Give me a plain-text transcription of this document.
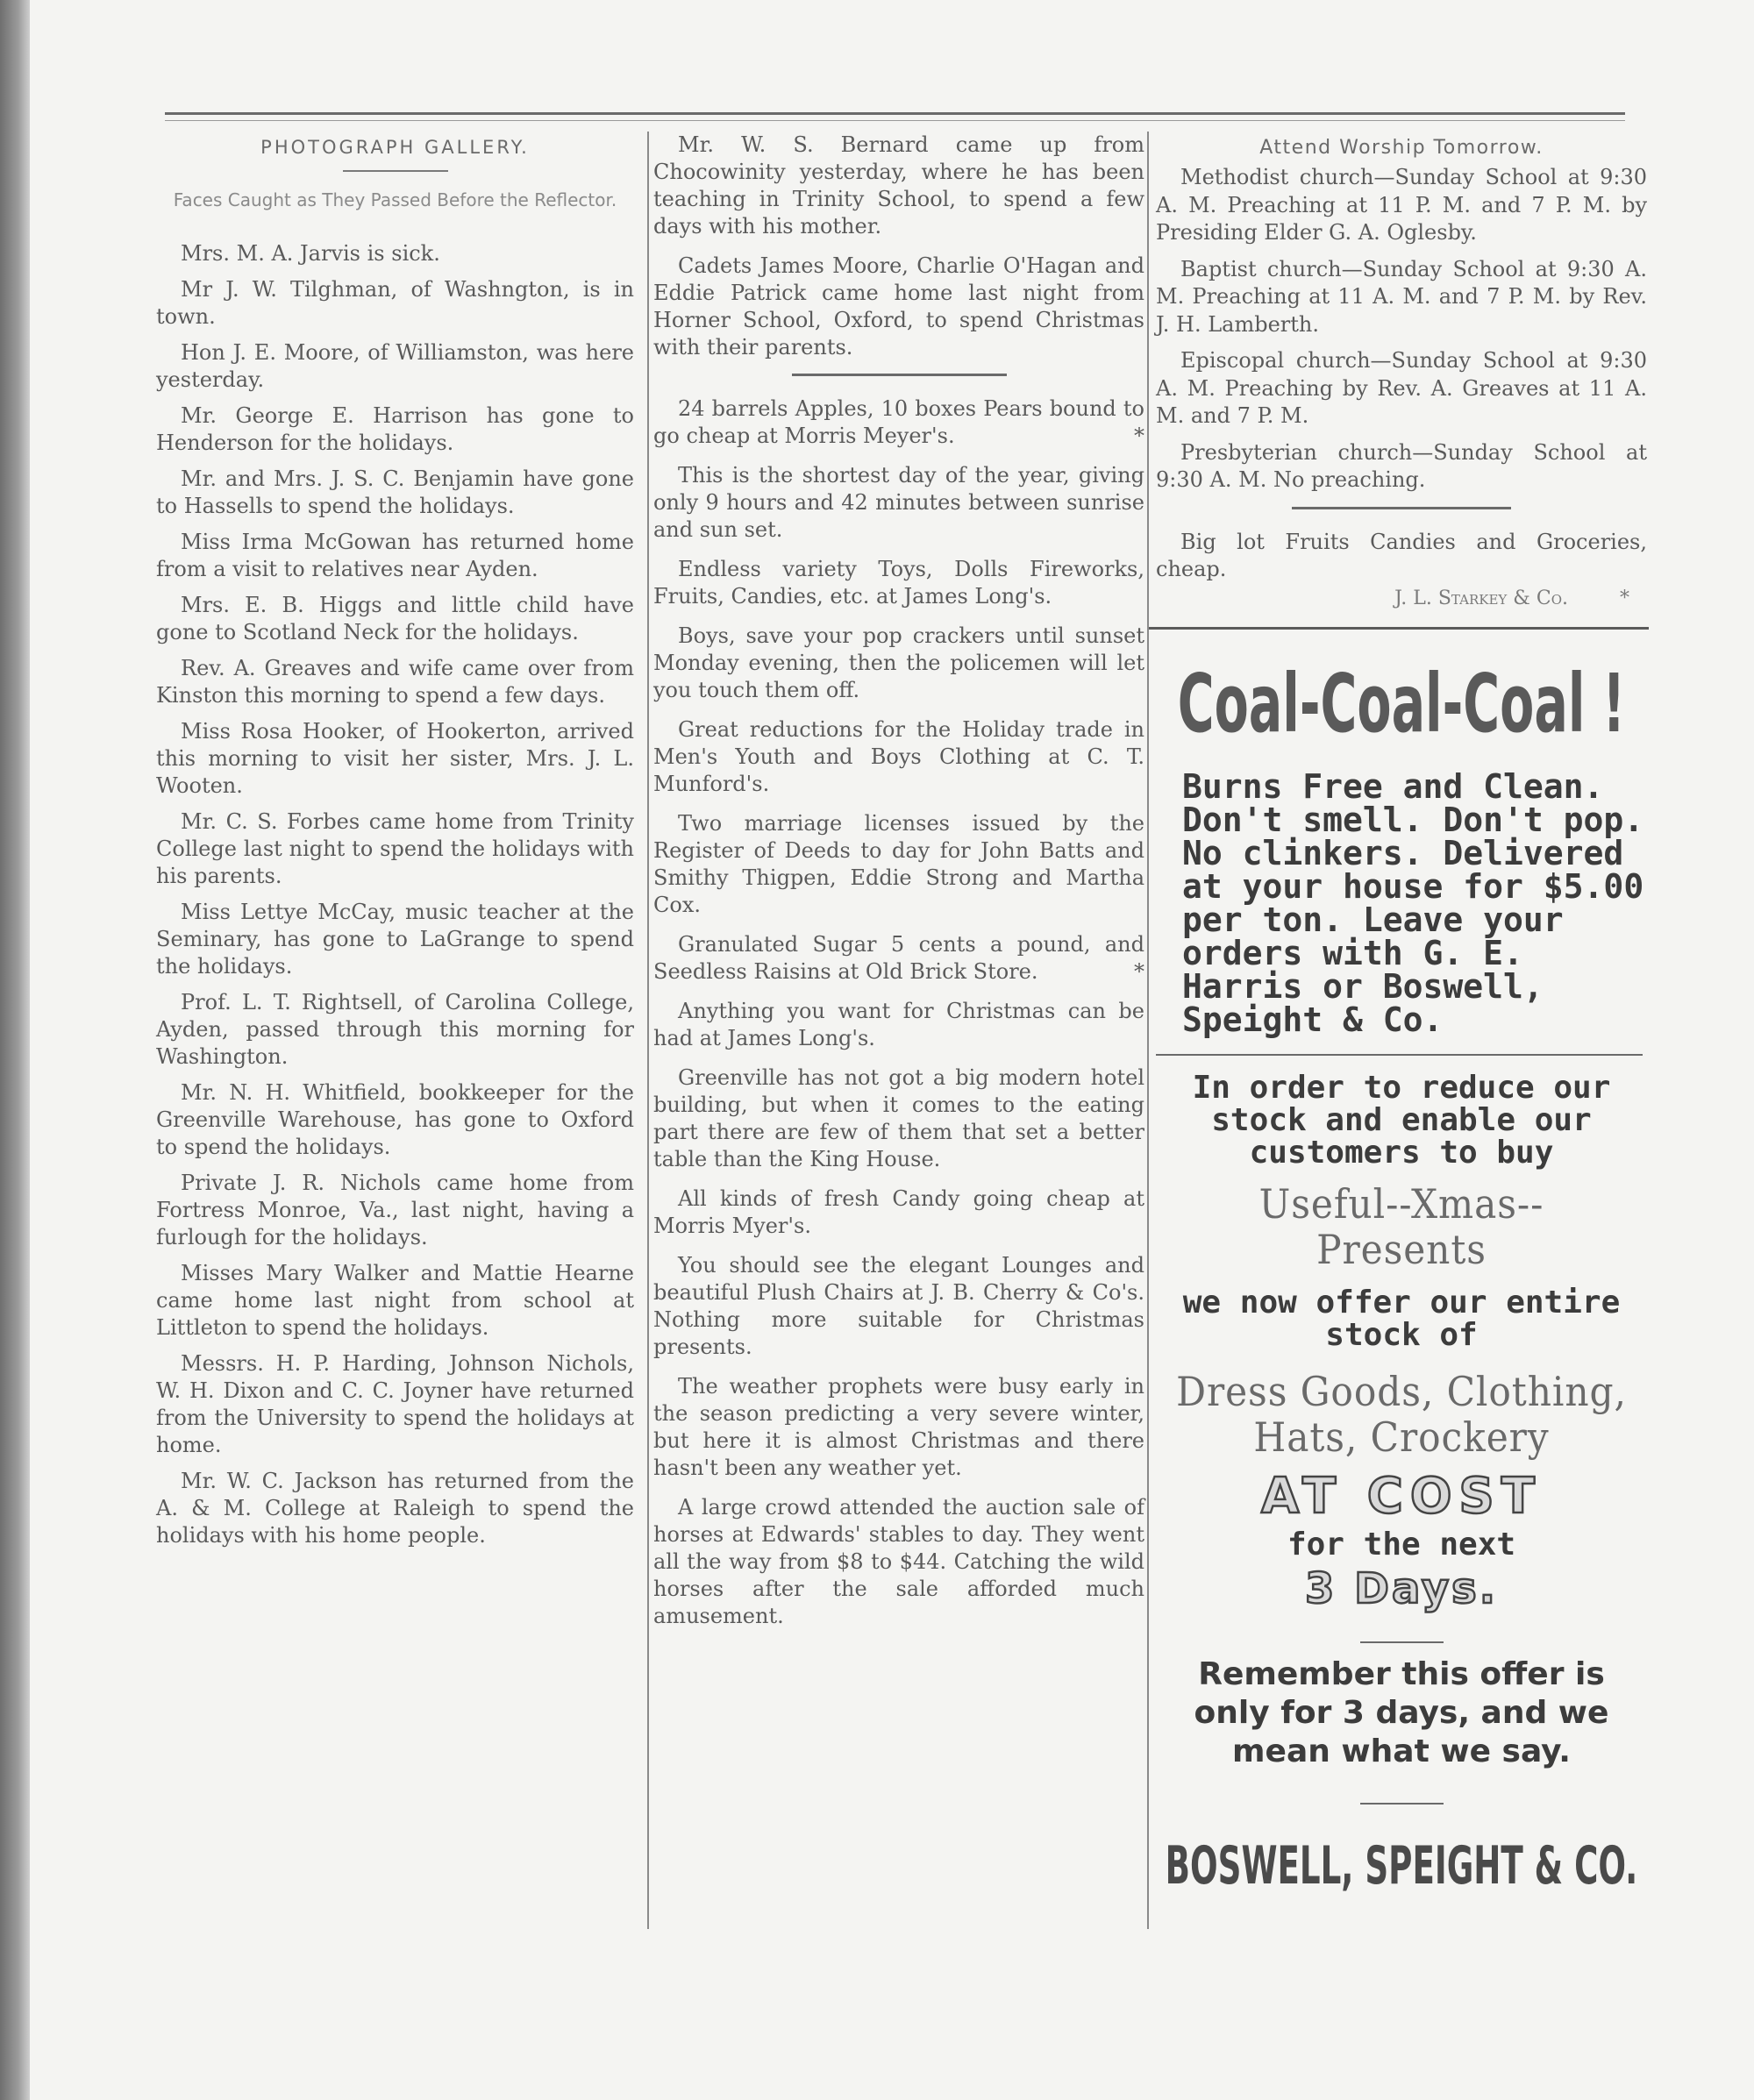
PHOTOGRAPH GALLERY.
Faces Caught as They Passed Before the Reflector.
Mrs. M. A. Jarvis is sick.
Mr J. W. Tilghman, of Washngton, is in town.
Hon J. E. Moore, of Williamston, was here yesterday.
Mr. George E. Harrison has gone to Henderson for the holidays.
Mr. and Mrs. J. S. C. Benjamin have gone to Hassells to spend the holidays.
Miss Irma McGowan has returned home from a visit to relatives near Ayden.
Mrs. E. B. Higgs and little child have gone to Scotland Neck for the holidays.
Rev. A. Greaves and wife came over from Kinston this morning to spend a few days.
Miss Rosa Hooker, of Hookerton, arrived this morning to visit her sister, Mrs. J. L. Wooten.
Mr. C. S. Forbes came home from Trinity College last night to spend the holidays with his parents.
Miss Lettye McCay, music teacher at the Seminary, has gone to LaGrange to spend the holidays.
Prof. L. T. Rightsell, of Carolina College, Ayden, passed through this morning for Washington.
Mr. N. H. Whitfield, bookkeeper for the Greenville Warehouse, has gone to Oxford to spend the holidays.
Private J. R. Nichols came home from Fortress Monroe, Va., last night, having a furlough for the holidays.
Misses Mary Walker and Mattie Hearne came home last night from school at Littleton to spend the holidays.
Messrs. H. P. Harding, Johnson Nichols, W. H. Dixon and C. C. Joyner have returned from the University to spend the holidays at home.
Mr. W. C. Jackson has returned from the A. & M. College at Raleigh to spend the holidays with his home people.
Mr. W. S. Bernard came up from Chocowinity yesterday, where he has been teaching in Trinity School, to spend a few days with his mother.
Cadets James Moore, Charlie O'Hagan and Eddie Patrick came home last night from Horner School, Oxford, to spend Christmas with their parents.
24 barrels Apples, 10 boxes Pears bound to go cheap at Morris Meyer's.	*
This is the shortest day of the year, giving only 9 hours and 42 minutes between sunrise and sun set.
Endless variety Toys, Dolls Fireworks, Fruits, Candies, etc. at James Long's.
Boys, save your pop crackers until sunset Monday evening, then the policemen will let you touch them off.
Great reductions for the Holiday trade in Men's Youth and Boys Clothing at C. T. Munford's.
Two marriage licenses issued by the Register of Deeds to day for John Batts and Smithy Thigpen, Eddie Strong and Martha Cox.
Granulated Sugar 5 cents a pound, and Seedless Raisins at Old Brick Store.	*
Anything you want for Christmas can be had at James Long's.
Greenville has not got a big modern hotel building, but when it comes to the eating part there are few of them that set a better table than the King House.
All kinds of fresh Candy going cheap at Morris Myer's.
You should see the elegant Lounges and beautiful Plush Chairs at J. B. Cherry & Co's. Nothing more suitable for Christmas presents.
The weather prophets were busy early in the season predicting a very severe winter, but here it is almost Christmas and there hasn't been any weather yet.
A large crowd attended the auction sale of horses at Edwards' stables to day. They went all the way from $8 to $44. Catching the wild horses after the sale afforded much amusement.
Attend Worship Tomorrow.
Methodist church—Sunday School at 9:30 A. M. Preaching at 11 P. M. and 7 P. M. by Presiding Elder G. A. Oglesby.
Baptist church—Sunday School at 9:30 A. M. Preaching at 11 A. M. and 7 P. M. by Rev. J. H. Lamberth.
Episcopal church—Sunday School at 9:30 A. M. Preaching by Rev. A. Greaves at 11 A. M. and 7 P. M.
Presbyterian church—Sunday School at 9:30 A. M. No preaching.
Big lot Fruits Candies and Groceries, cheap.
J. L. Starkey & Co.	*
Coal-Coal-Coal !
Burns Free and Clean. Don't smell. Don't pop. No clinkers. Delivered at your house for $5.00 per ton. Leave your orders with G. E. Harris or Boswell, Speight & Co.
In order to reduce our stock and enable our customers to buy
Useful--Xmas--Presents
we now offer our entire stock of
Dress Goods, Clothing,
Hats, Crockery
AT COST
for the next
3 Days.
Remember this offer is only for 3 days, and we mean what we say.
BOSWELL, SPEIGHT & CO.
